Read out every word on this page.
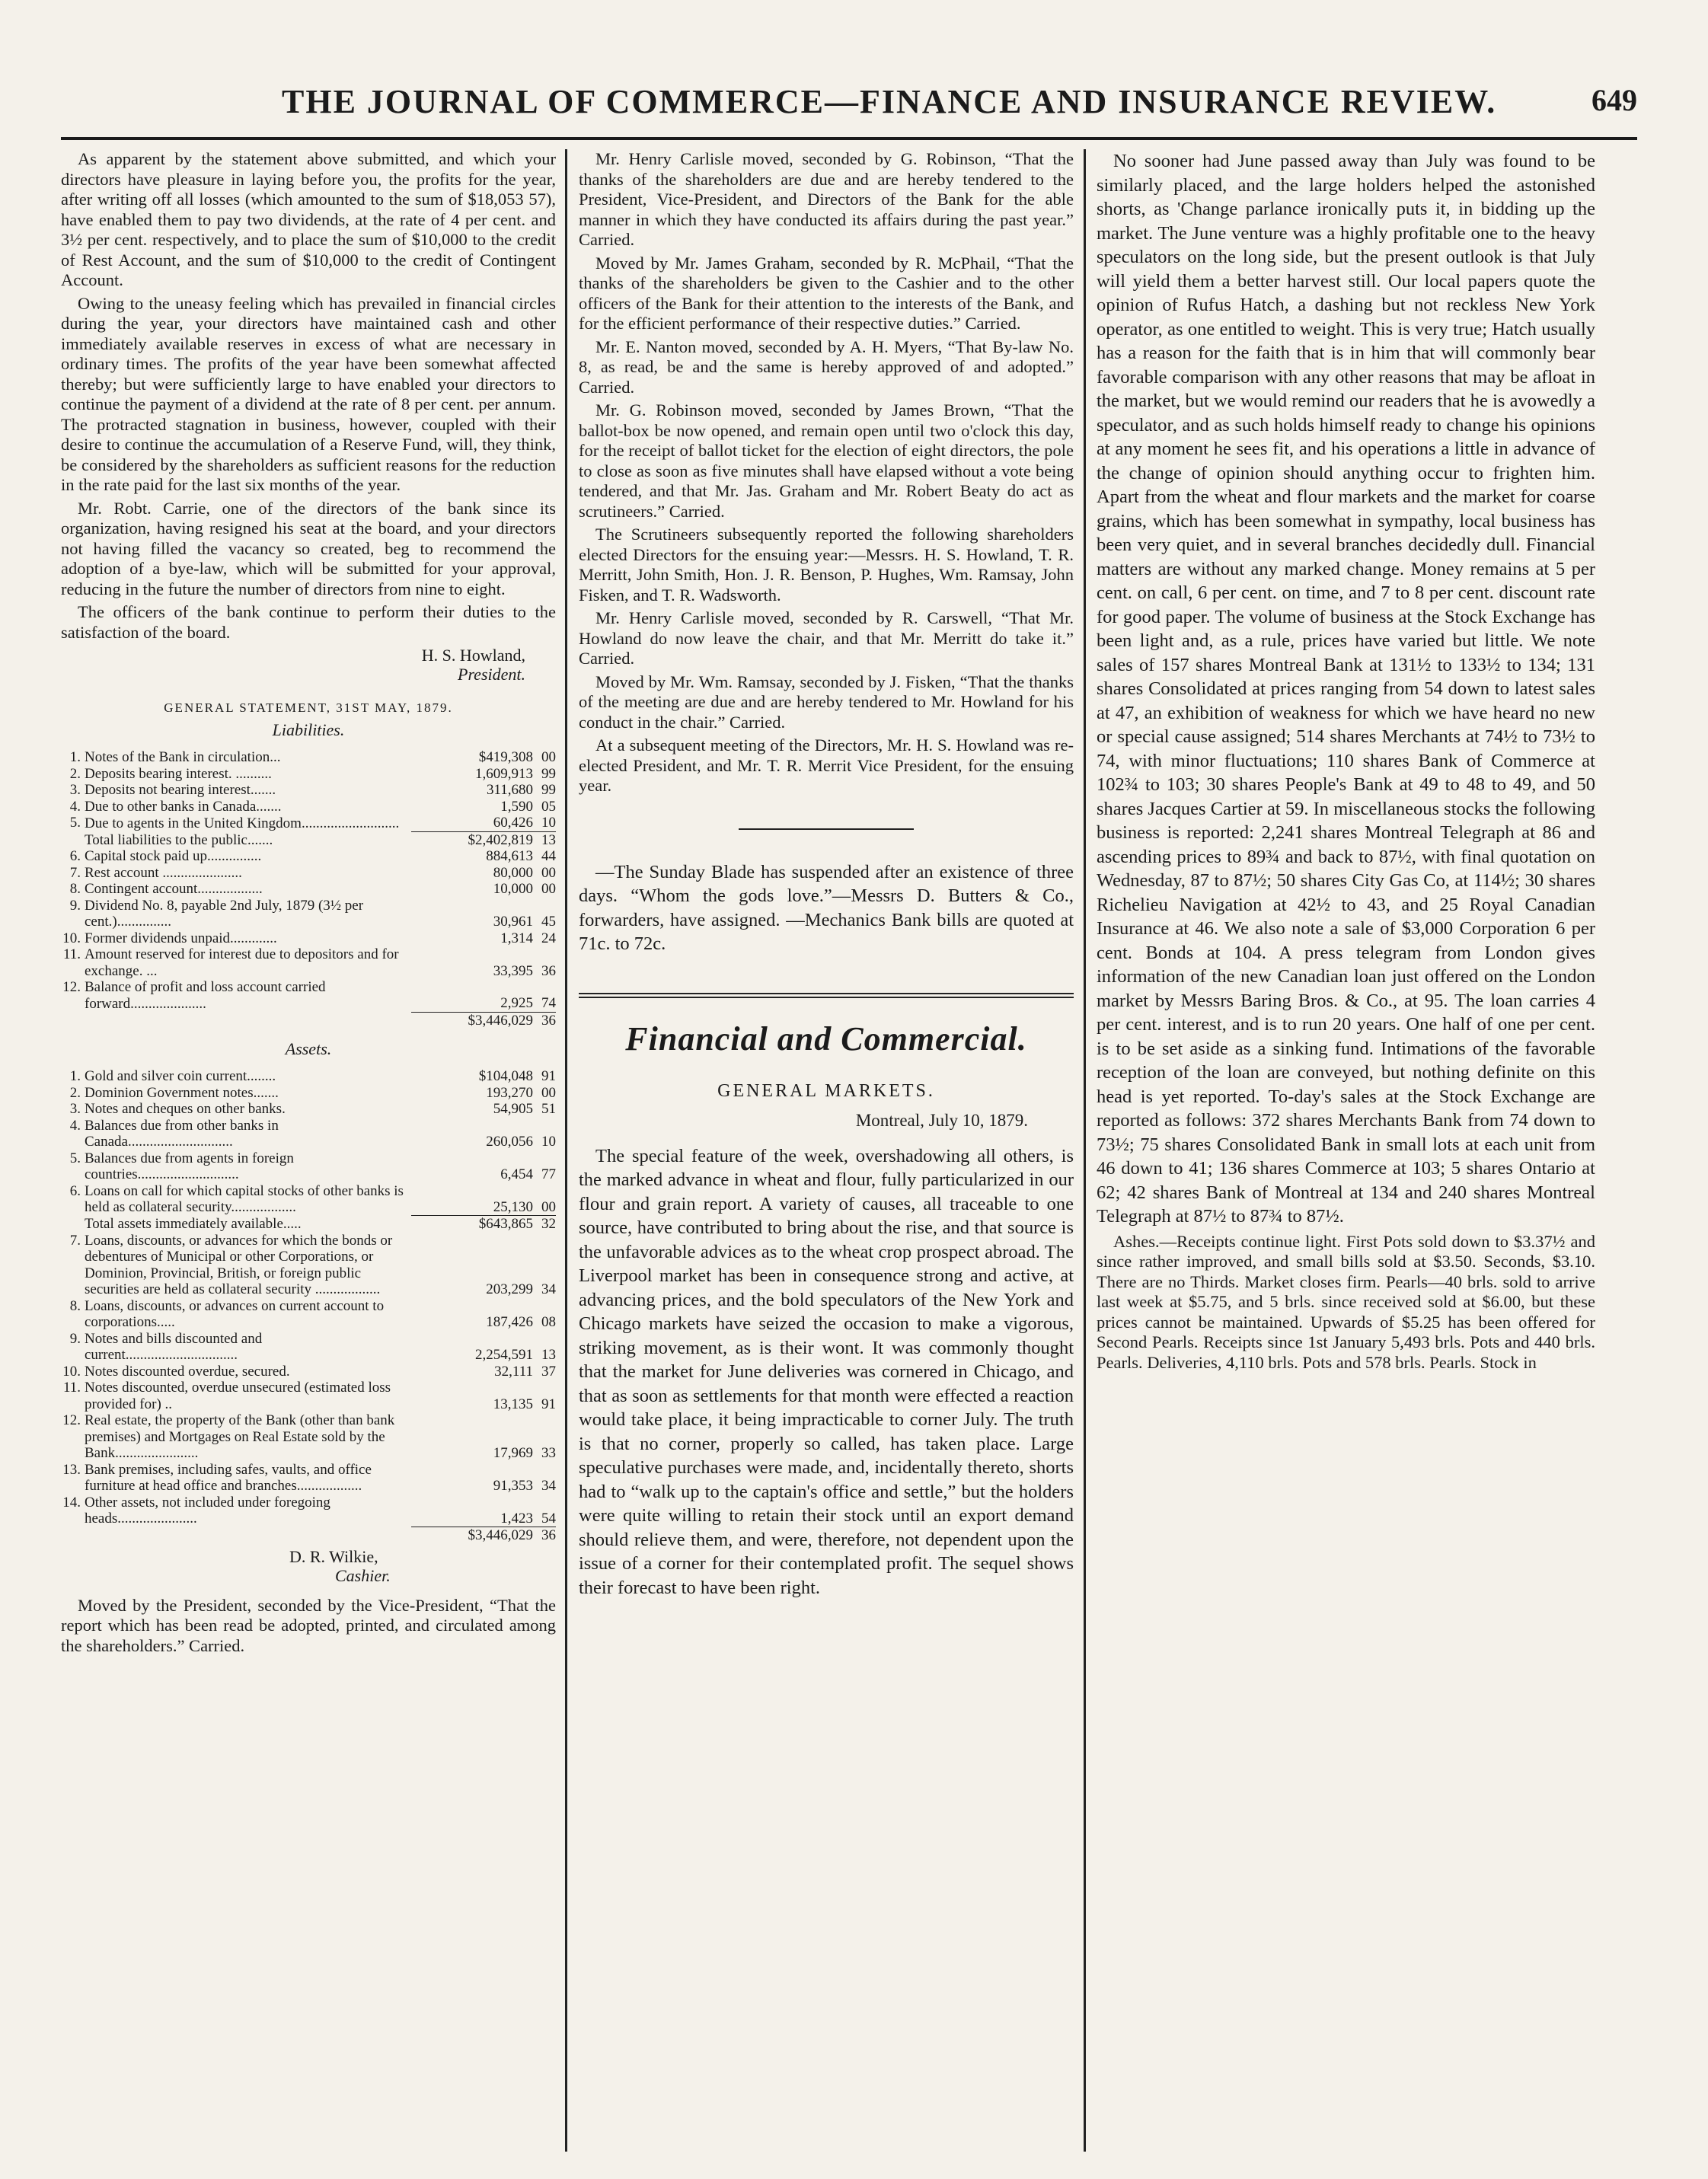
THE JOURNAL OF COMMERCE—FINANCE AND INSURANCE REVIEW.	649

As apparent by the statement above submitted, and which your directors have pleasure in laying before you, the profits for the year, after writing off all losses (which amounted to the sum of $18,053 57), have enabled them to pay two dividends, at the rate of 4 per cent. and 3½ per cent. respectively, and to place the sum of $10,000 to the credit of Rest Account, and the sum of $10,000 to the credit of Contingent Account.

Owing to the uneasy feeling which has prevailed in financial circles during the year, your directors have maintained cash and other immediately available reserves in excess of what are necessary in ordinary times. The profits of the year have been somewhat affected thereby; but were sufficiently large to have enabled your directors to continue the payment of a dividend at the rate of 8 per cent. per annum. The protracted stagnation in business, however, coupled with their desire to continue the accumulation of a Reserve Fund, will, they think, be considered by the shareholders as sufficient reasons for the reduction in the rate paid for the last six months of the year.

Mr. Robt. Carrie, one of the directors of the bank since its organization, having resigned his seat at the board, and your directors not having filled the vacancy so created, beg to recommend the adoption of a bye-law, which will be submitted for your approval, reducing in the future the number of directors from nine to eight.

The officers of the bank continue to perform their duties to the satisfaction of the board.

H. S. Howland,
President.
GENERAL STATEMENT, 31ST MAY, 1879.
Liabilities.
1.	Notes of the Bank in circulation...	$419,308	00
2.	Deposits bearing interest. ..........	1,609,913	99
3.	Deposits not bearing interest.......	311,680	99
4.	Due to other banks in Canada.......	1,590	05
5.	Due to agents in the United Kingdom...........................	60,426	10
	Total liabilities to the public.......	$2,402,819	13
6.	Capital stock paid up...............	884,613	44
7.	Rest account ......................	80,000	00
8.	Contingent account..................	10,000	00
9.	Dividend No. 8, payable 2nd July, 1879 (3½ per cent.)...............	30,961	45
10.	Former dividends unpaid.............	1,314	24
11.	Amount reserved for interest due to depositors and for exchange. ...	33,395	36
12.	Balance of profit and loss account carried forward.....................	2,925	74
		$3,446,029	36
Assets.
1.	Gold and silver coin current........	$104,048	91
2.	Dominion Government notes.......	193,270	00
3.	Notes and cheques on other banks.	54,905	51
4.	Balances due from other banks in Canada.............................	260,056	10
5.	Balances due from agents in foreign countries............................	6,454	77
6.	Loans on call for which capital stocks of other banks is held as collateral security..................	25,130	00
	Total assets immediately available.....	$643,865	32
7.	Loans, discounts, or advances for which the bonds or debentures of Municipal or other Corporations, or Dominion, Provincial, British, or foreign public securities are held as collateral security ..................	203,299	34
8.	Loans, discounts, or advances on current account to corporations.....	187,426	08
9.	Notes and bills discounted and current...............................	2,254,591	13
10.	Notes discounted overdue, secured.	32,111	37
11.	Notes discounted, overdue unsecured (estimated loss provided for) ..	13,135	91
12.	Real estate, the property of the Bank (other than bank premises) and Mortgages on Real Estate sold by the Bank.......................	17,969	33
13.	Bank premises, including safes, vaults, and office furniture at head office and branches..................	91,353	34
14.	Other assets, not included under foregoing heads......................	1,423	54
		$3,446,029	36
D. R. Wilkie,
Cashier.

Moved by the President, seconded by the Vice-President, “That the report which has been read be adopted, printed, and circulated among the shareholders.” Carried.

Mr. Henry Carlisle moved, seconded by G. Robinson, “That the thanks of the shareholders are due and are hereby tendered to the President, Vice-President, and Directors of the Bank for the able manner in which they have conducted its affairs during the past year.” Carried.

Moved by Mr. James Graham, seconded by R. McPhail, “That the thanks of the shareholders be given to the Cashier and to the other officers of the Bank for their attention to the interests of the Bank, and for the efficient performance of their respective duties.” Carried.

Mr. E. Nanton moved, seconded by A. H. Myers, “That By-law No. 8, as read, be and the same is hereby approved of and adopted.” Carried.

Mr. G. Robinson moved, seconded by James Brown, “That the ballot-box be now opened, and remain open until two o'clock this day, for the receipt of ballot ticket for the election of eight directors, the pole to close as soon as five minutes shall have elapsed without a vote being tendered, and that Mr. Jas. Graham and Mr. Robert Beaty do act as scrutineers.” Carried.

The Scrutineers subsequently reported the following shareholders elected Directors for the ensuing year:—Messrs. H. S. Howland, T. R. Merritt, John Smith, Hon. J. R. Benson, P. Hughes, Wm. Ramsay, John Fisken, and T. R. Wadsworth.

Mr. Henry Carlisle moved, seconded by R. Carswell, “That Mr. Howland do now leave the chair, and that Mr. Merritt do take it.” Carried.

Moved by Mr. Wm. Ramsay, seconded by J. Fisken, “That the thanks of the meeting are due and are hereby tendered to Mr. Howland for his conduct in the chair.” Carried.

At a subsequent meeting of the Directors, Mr. H. S. Howland was re-elected President, and Mr. T. R. Merrit Vice President, for the ensuing year.

—The Sunday Blade has suspended after an existence of three days. “Whom the gods love.”—Messrs D. Butters & Co., forwarders, have assigned. —Mechanics Bank bills are quoted at 71c. to 72c.

Financial and Commercial.
GENERAL MARKETS.
Montreal, July 10, 1879.

The special feature of the week, overshadowing all others, is the marked advance in wheat and flour, fully particularized in our flour and grain report. A variety of causes, all traceable to one source, have contributed to bring about the rise, and that source is the unfavorable advices as to the wheat crop prospect abroad. The Liverpool market has been in consequence strong and active, at advancing prices, and the bold speculators of the New York and Chicago markets have seized the occasion to make a vigorous, striking movement, as is their wont. It was commonly thought that the market for June deliveries was cornered in Chicago, and that as soon as settlements for that month were effected a reaction would take place, it being impracticable to corner July. The truth is that no corner, properly so called, has taken place. Large speculative purchases were made, and, incidentally thereto, shorts had to “walk up to the captain's office and settle,” but the holders were quite willing to retain their stock until an export demand should relieve them, and were, therefore, not dependent upon the issue of a corner for their contemplated profit. The sequel shows their forecast to have been right.

No sooner had June passed away than July was found to be similarly placed, and the large holders helped the astonished shorts, as 'Change parlance ironically puts it, in bidding up the market. The June venture was a highly profitable one to the heavy speculators on the long side, but the present outlook is that July will yield them a better harvest still. Our local papers quote the opinion of Rufus Hatch, a dashing but not reckless New York operator, as one entitled to weight. This is very true; Hatch usually has a reason for the faith that is in him that will commonly bear favorable comparison with any other reasons that may be afloat in the market, but we would remind our readers that he is avowedly a speculator, and as such holds himself ready to change his opinions at any moment he sees fit, and his operations a little in advance of the change of opinion should anything occur to frighten him. Apart from the wheat and flour markets and the market for coarse grains, which has been somewhat in sympathy, local business has been very quiet, and in several branches decidedly dull. Financial matters are without any marked change. Money remains at 5 per cent. on call, 6 per cent. on time, and 7 to 8 per cent. discount rate for good paper. The volume of business at the Stock Exchange has been light and, as a rule, prices have varied but little. We note sales of 157 shares Montreal Bank at 131½ to 133½ to 134; 131 shares Consolidated at prices ranging from 54 down to latest sales at 47, an exhibition of weakness for which we have heard no new or special cause assigned; 514 shares Merchants at 74½ to 73½ to 74, with minor fluctuations; 110 shares Bank of Commerce at 102¾ to 103; 30 shares People's Bank at 49 to 48 to 49, and 50 shares Jacques Cartier at 59. In miscellaneous stocks the following business is reported: 2,241 shares Montreal Telegraph at 86 and ascending prices to 89¾ and back to 87½, with final quotation on Wednesday, 87 to 87½; 50 shares City Gas Co, at 114½; 30 shares Richelieu Navigation at 42½ to 43, and 25 Royal Canadian Insurance at 46. We also note a sale of $3,000 Corporation 6 per cent. Bonds at 104. A press telegram from London gives information of the new Canadian loan just offered on the London market by Messrs Baring Bros. & Co., at 95. The loan carries 4 per cent. interest, and is to run 20 years. One half of one per cent. is to be set aside as a sinking fund. Intimations of the favorable reception of the loan are conveyed, but nothing definite on this head is yet reported. To-day's sales at the Stock Exchange are reported as follows: 372 shares Merchants Bank from 74 down to 73½; 75 shares Consolidated Bank in small lots at each unit from 46 down to 41; 136 shares Commerce at 103; 5 shares Ontario at 62; 42 shares Bank of Montreal at 134 and 240 shares Montreal Telegraph at 87½ to 87¾ to 87½.

Ashes.—Receipts continue light. First Pots sold down to $3.37½ and since rather improved, and small bills sold at $3.50. Seconds, $3.10. There are no Thirds. Market closes firm. Pearls—40 brls. sold to arrive last week at $5.75, and 5 brls. since received sold at $6.00, but these prices cannot be maintained. Upwards of $5.25 has been offered for Second Pearls. Receipts since 1st January 5,493 brls. Pots and 440 brls. Pearls. Deliveries, 4,110 brls. Pots and 578 brls. Pearls. Stock in
